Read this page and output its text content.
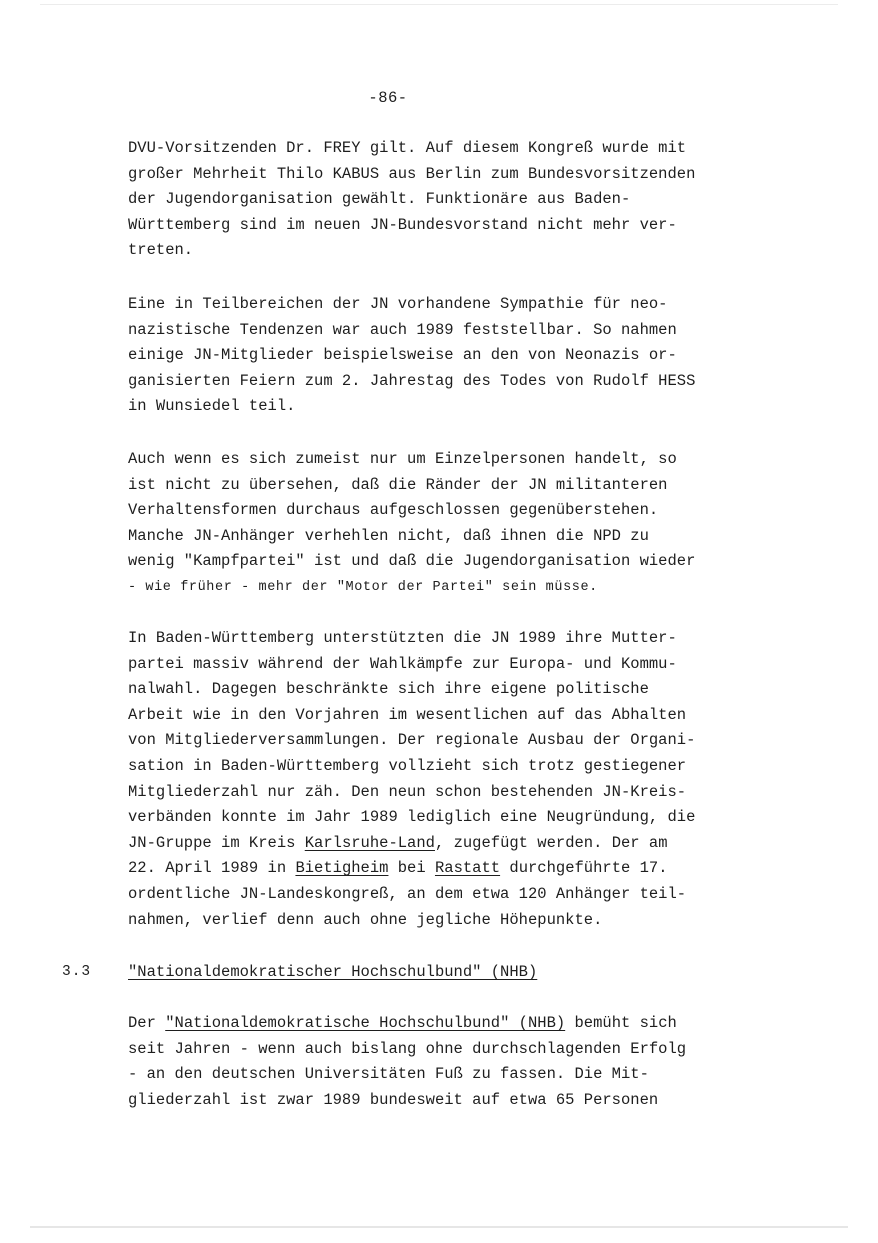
-86-

DVU-Vorsitzenden Dr. FREY gilt. Auf diesem Kongreß wurde mit
großer Mehrheit Thilo KABUS aus Berlin zum Bundesvorsitzenden
der Jugendorganisation gewählt. Funktionäre aus Baden-
Württemberg sind im neuen JN-Bundesvorstand nicht mehr ver-
treten.

Eine in Teilbereichen der JN vorhandene Sympathie für neo-
nazistische Tendenzen war auch 1989 feststellbar. So nahmen
einige JN-Mitglieder beispielsweise an den von Neonazis or-
ganisierten Feiern zum 2. Jahrestag des Todes von Rudolf HESS
in Wunsiedel teil.

Auch wenn es sich zumeist nur um Einzelpersonen handelt, so
ist nicht zu übersehen, daß die Ränder der JN militanteren
Verhaltensformen durchaus aufgeschlossen gegenüberstehen.
Manche JN-Anhänger verhehlen nicht, daß ihnen die NPD zu
wenig "Kampfpartei" ist und daß die Jugendorganisation wieder
- wie früher - mehr der "Motor der Partei" sein müsse.

In Baden-Württemberg unterstützten die JN 1989 ihre Mutter-
partei massiv während der Wahlkämpfe zur Europa- und Kommu-
nalwahl. Dagegen beschränkte sich ihre eigene politische
Arbeit wie in den Vorjahren im wesentlichen auf das Abhalten
von Mitgliederversammlungen. Der regionale Ausbau der Organi-
sation in Baden-Württemberg vollzieht sich trotz gestiegener
Mitgliederzahl nur zäh. Den neun schon bestehenden JN-Kreis-
verbänden konnte im Jahr 1989 lediglich eine Neugründung, die
JN-Gruppe im Kreis Karlsruhe-Land, zugefügt werden. Der am
22. April 1989 in Bietigheim bei Rastatt durchgeführte 17.
ordentliche JN-Landeskongreß, an dem etwa 120 Anhänger teil-
nahmen, verlief denn auch ohne jegliche Höhepunkte.

3.3 "Nationaldemokratischer Hochschulbund" (NHB)

Der "Nationaldemokratische Hochschulbund" (NHB) bemüht sich
seit Jahren - wenn auch bislang ohne durchschlagenden Erfolg
- an den deutschen Universitäten Fuß zu fassen. Die Mit-
gliederzahl ist zwar 1989 bundesweit auf etwa 65 Personen
